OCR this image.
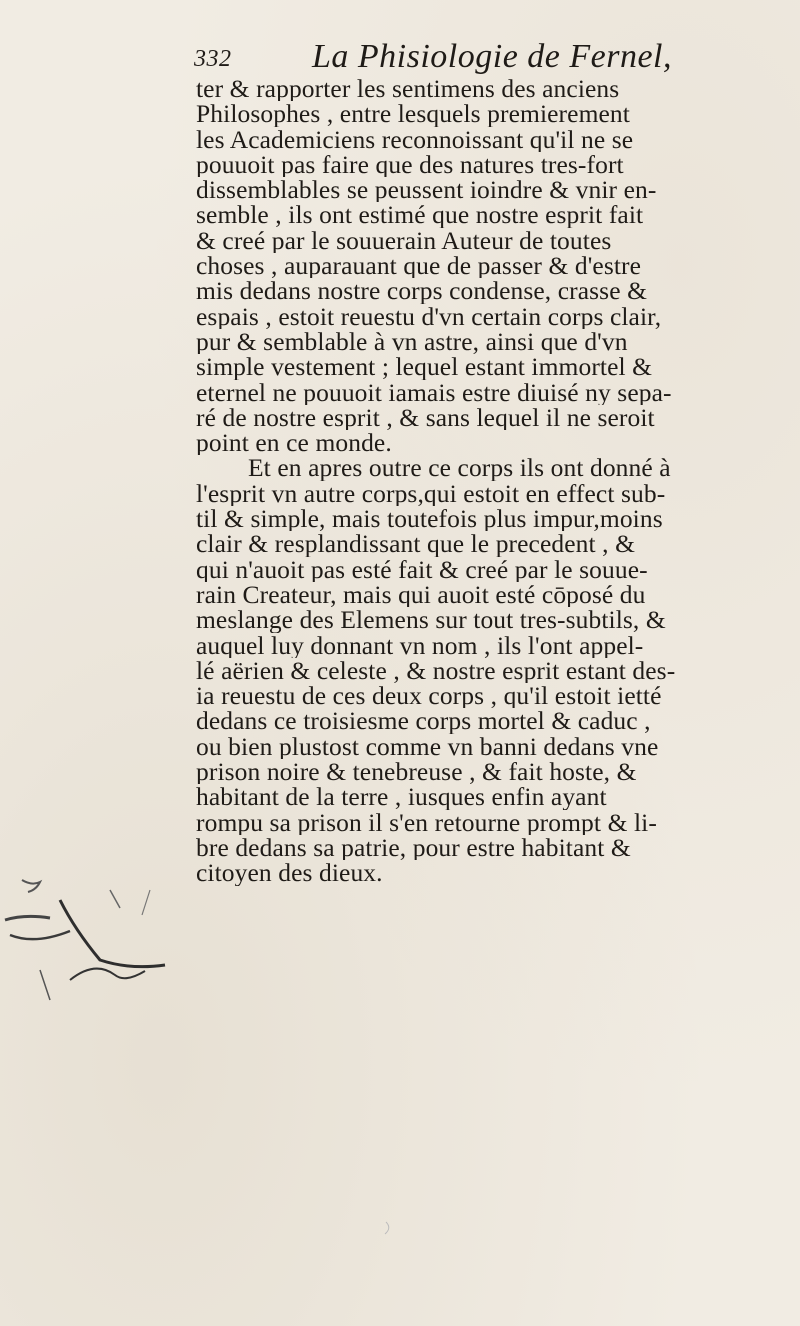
332 La Phisiologie de Fernel,
ter & rapporter les sentimens des anciens
Philosophes , entre lesquels premierement
les Academiciens reconnoissant qu'il ne se
pouuoit pas faire que des natures tres-fort
dissemblables se peussent ioindre & vnir en-
semble , ils ont estimé que nostre esprit fait
& creé par le souuerain Auteur de toutes
choses , auparauant que de passer & d'estre
mis dedans nostre corps condense, crasse &
espais , estoit reuestu d'vn certain corps clair,
pur & semblable à vn astre, ainsi que d'vn
simple vestement ; lequel estant immortel &
eternel ne pouuoit iamais estre diuisé ny sepa-
ré de nostre esprit , & sans lequel il ne seroit
point en ce monde.
Et en apres outre ce corps ils ont donné à
l'esprit vn autre corps,qui estoit en effect sub-
til & simple, mais toutefois plus impur,moins
clair & resplandissant que le precedent , &
qui n'auoit pas esté fait & creé par le souue-
rain Createur, mais qui auoit esté cōposé du
meslange des Elemens sur tout tres-subtils, &
auquel luy donnant vn nom , ils l'ont appel-
lé aërien & celeste , & nostre esprit estant des-
ia reuestu de ces deux corps , qu'il estoit ietté
dedans ce troisiesme corps mortel & caduc ,
ou bien plustost comme vn banni dedans vne
prison noire & tenebreuse , & fait hoste, &
habitant de la terre , iusques enfin ayant
rompu sa prison il s'en retourne prompt & li-
bre dedans sa patrie, pour estre habitant &
citoyen des dieux.
